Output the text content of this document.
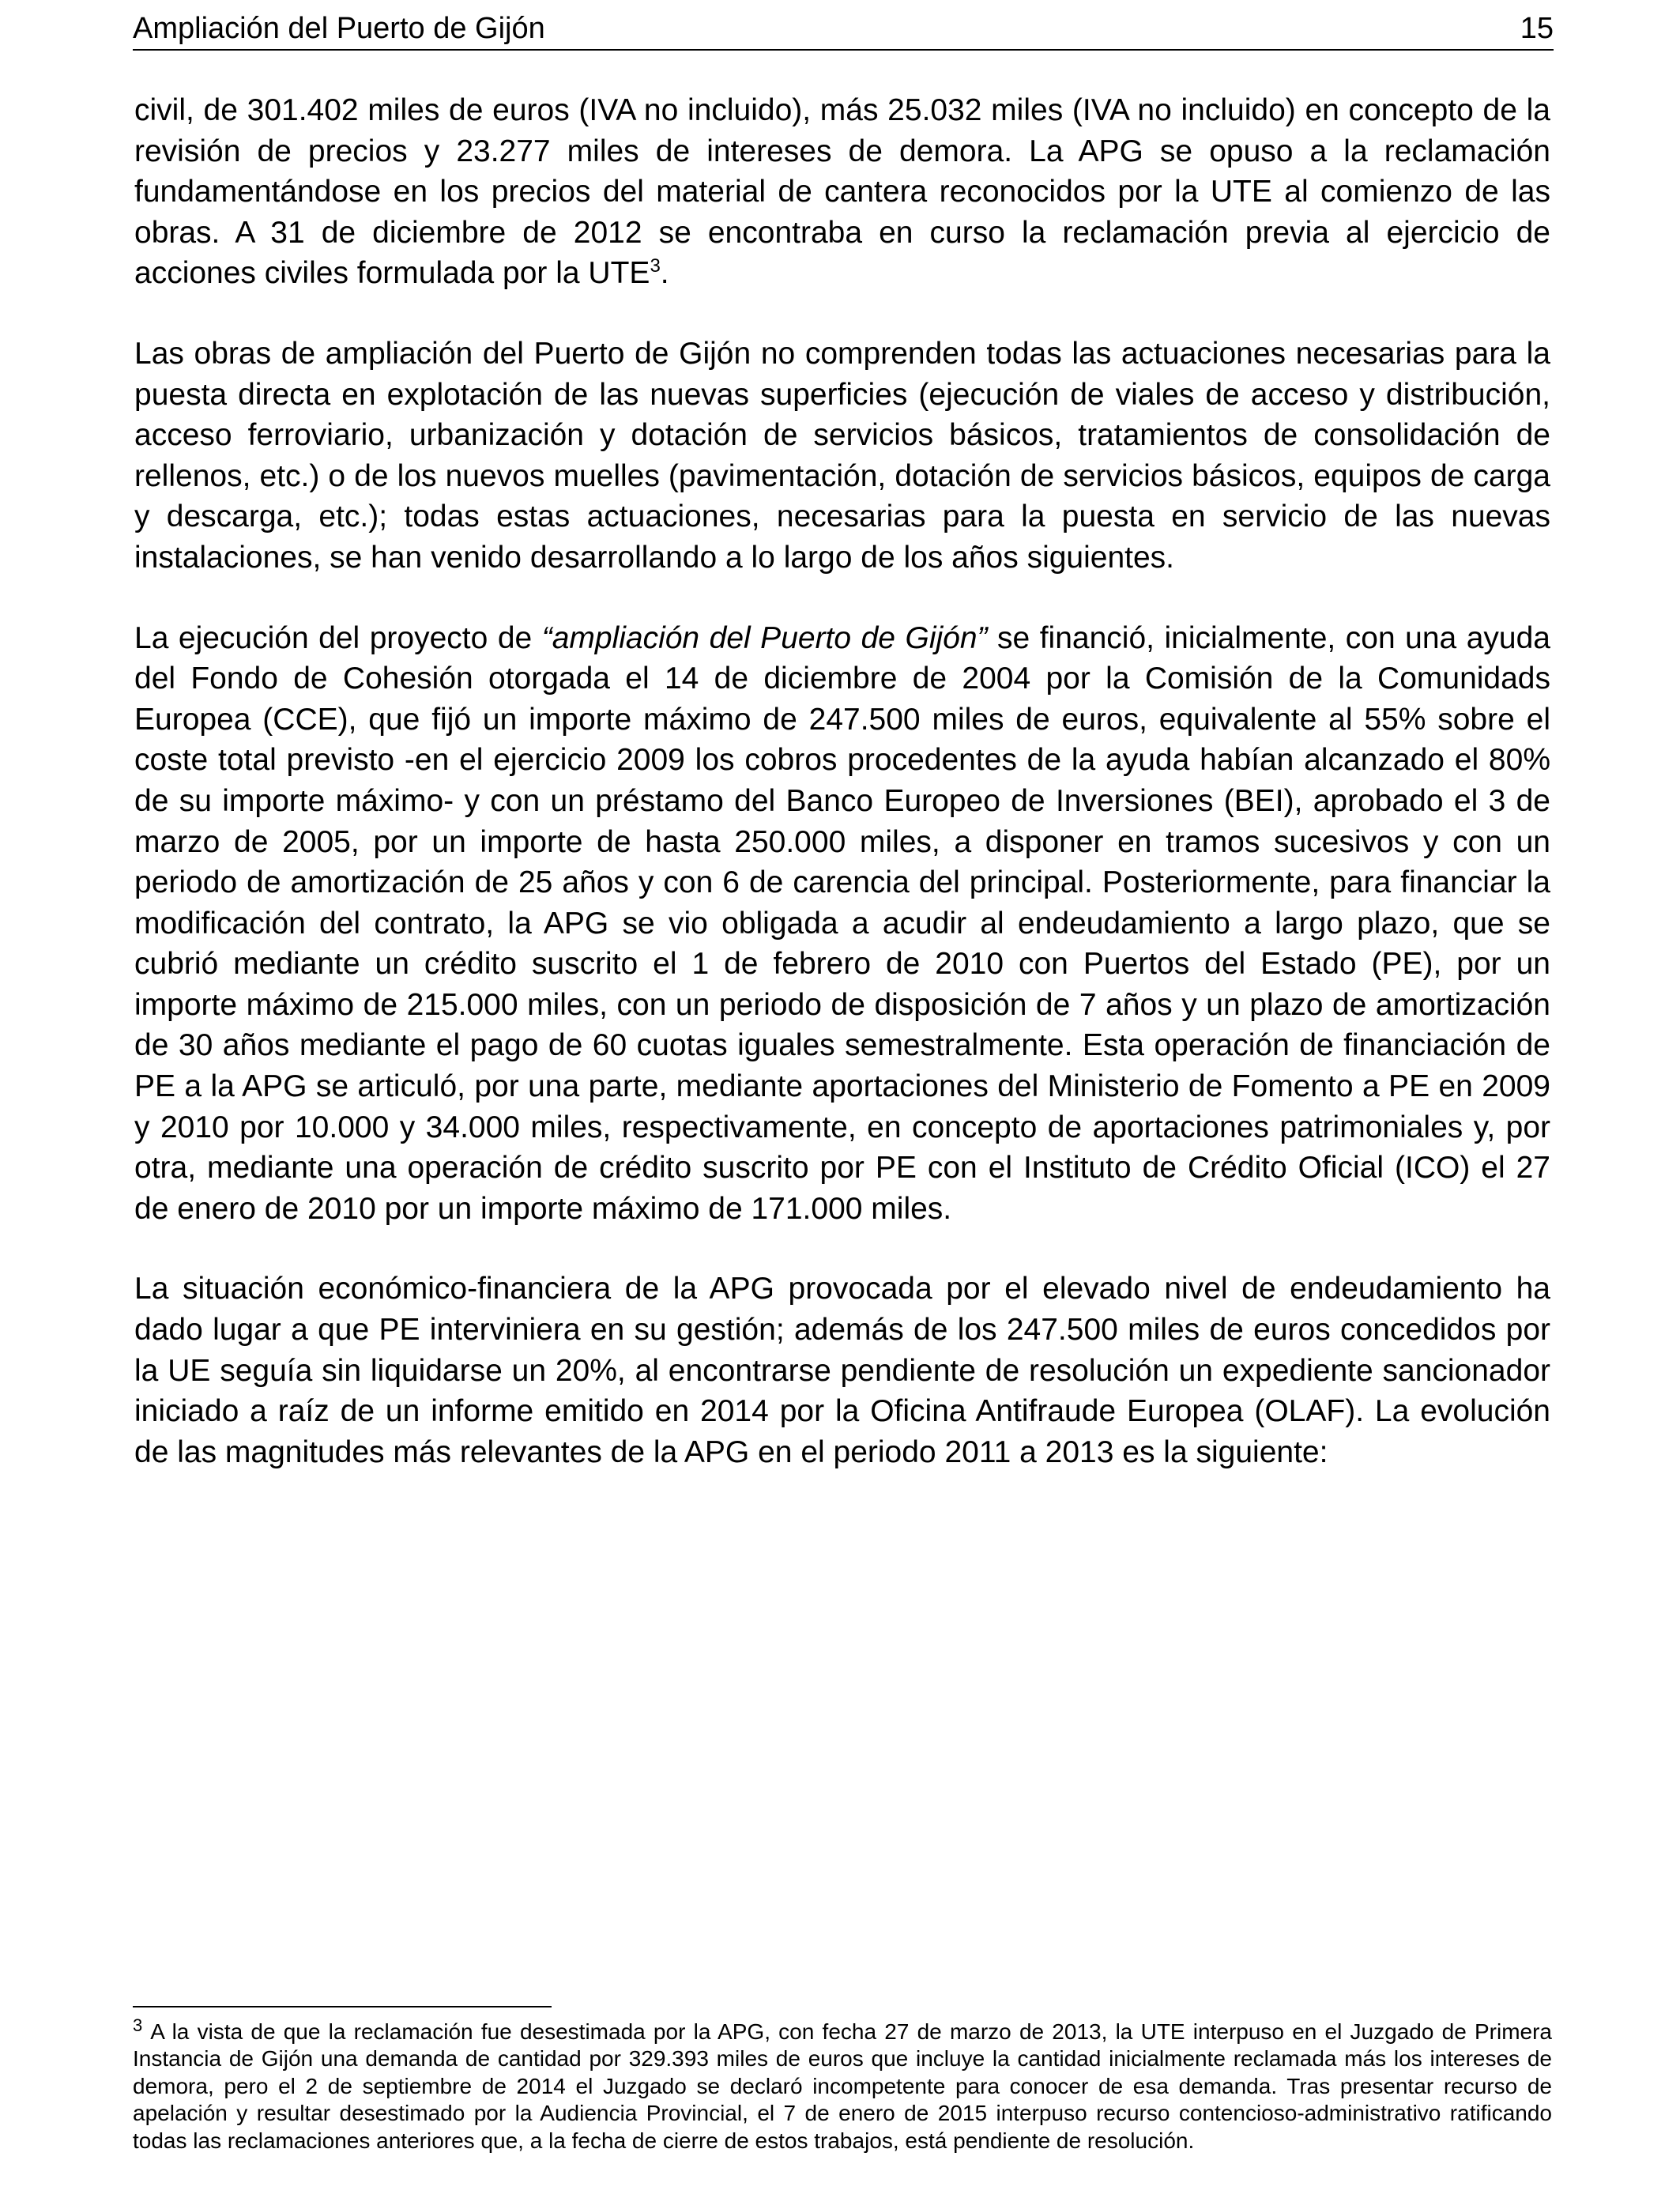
Ampliación del Puerto de Gijón	15

civil, de 301.402 miles de euros (IVA no incluido), más 25.032 miles (IVA no incluido) en concepto de la revisión de precios y 23.277 miles de intereses de demora. La APG se opuso a la reclamación fundamentándose en los precios del material de cantera reconocidos por la UTE al comienzo de las obras. A 31 de diciembre de 2012 se encontraba en curso la reclamación previa al ejercicio de acciones civiles formulada por la UTE$^3$.

Las obras de ampliación del Puerto de Gijón no comprenden todas las actuaciones necesarias para la puesta directa en explotación de las nuevas superficies (ejecución de viales de acceso y distribución, acceso ferroviario, urbanización y dotación de servicios básicos, tratamientos de consolidación de rellenos, etc.) o de los nuevos muelles (pavimentación, dotación de servicios básicos, equipos de carga y descarga, etc.); todas estas actuaciones, necesarias para la puesta en servicio de las nuevas instalaciones, se han venido desarrollando a lo largo de los años siguientes.

La ejecución del proyecto de “ampliación del Puerto de Gijón” se financió, inicialmente, con una ayuda del Fondo de Cohesión otorgada el 14 de diciembre de 2004 por la Comisión de la Comunidads Europea (CCE), que fijó un importe máximo de 247.500 miles de euros, equivalente al 55% sobre el coste total previsto -en el ejercicio 2009 los cobros procedentes de la ayuda habían alcanzado el 80% de su importe máximo- y con un préstamo del Banco Europeo de Inversiones (BEI), aprobado el 3 de marzo de 2005, por un importe de hasta 250.000 miles, a disponer en tramos sucesivos y con un periodo de amortización de 25 años y con 6 de carencia del principal. Posteriormente, para financiar la modificación del contrato, la APG se vio obligada a acudir al endeudamiento a largo plazo, que se cubrió mediante un crédito suscrito el 1 de febrero de 2010 con Puertos del Estado (PE), por un importe máximo de 215.000 miles, con un periodo de disposición de 7 años y un plazo de amortización de 30 años mediante el pago de 60 cuotas iguales semestralmente. Esta operación de financiación de PE a la APG se articuló, por una parte, mediante aportaciones del Ministerio de Fomento a PE en 2009 y 2010 por 10.000 y 34.000 miles, respectivamente, en concepto de aportaciones patrimoniales y, por otra, mediante una operación de crédito suscrito por PE con el Instituto de Crédito Oficial (ICO) el 27 de enero de 2010 por un importe máximo de 171.000 miles.

La situación económico-financiera de la APG provocada por el elevado nivel de endeudamiento ha dado lugar a que PE interviniera en su gestión; además de los 247.500 miles de euros concedidos por la UE seguía sin liquidarse un 20%, al encontrarse pendiente de resolución un expediente sancionador iniciado a raíz de un informe emitido en 2014 por la Oficina Antifraude Europea (OLAF). La evolución de las magnitudes más relevantes de la APG en el periodo 2011 a 2013 es la siguiente:

$^3$ A la vista de que la reclamación fue desestimada por la APG, con fecha 27 de marzo de 2013, la UTE interpuso en el Juzgado de Primera Instancia de Gijón una demanda de cantidad por 329.393 miles de euros que incluye la cantidad inicialmente reclamada más los intereses de demora, pero el 2 de septiembre de 2014 el Juzgado se declaró incompetente para conocer de esa demanda. Tras presentar recurso de apelación y resultar desestimado por la Audiencia Provincial, el 7 de enero de 2015 interpuso recurso contencioso-administrativo ratificando todas las reclamaciones anteriores que, a la fecha de cierre de estos trabajos, está pendiente de resolución.
